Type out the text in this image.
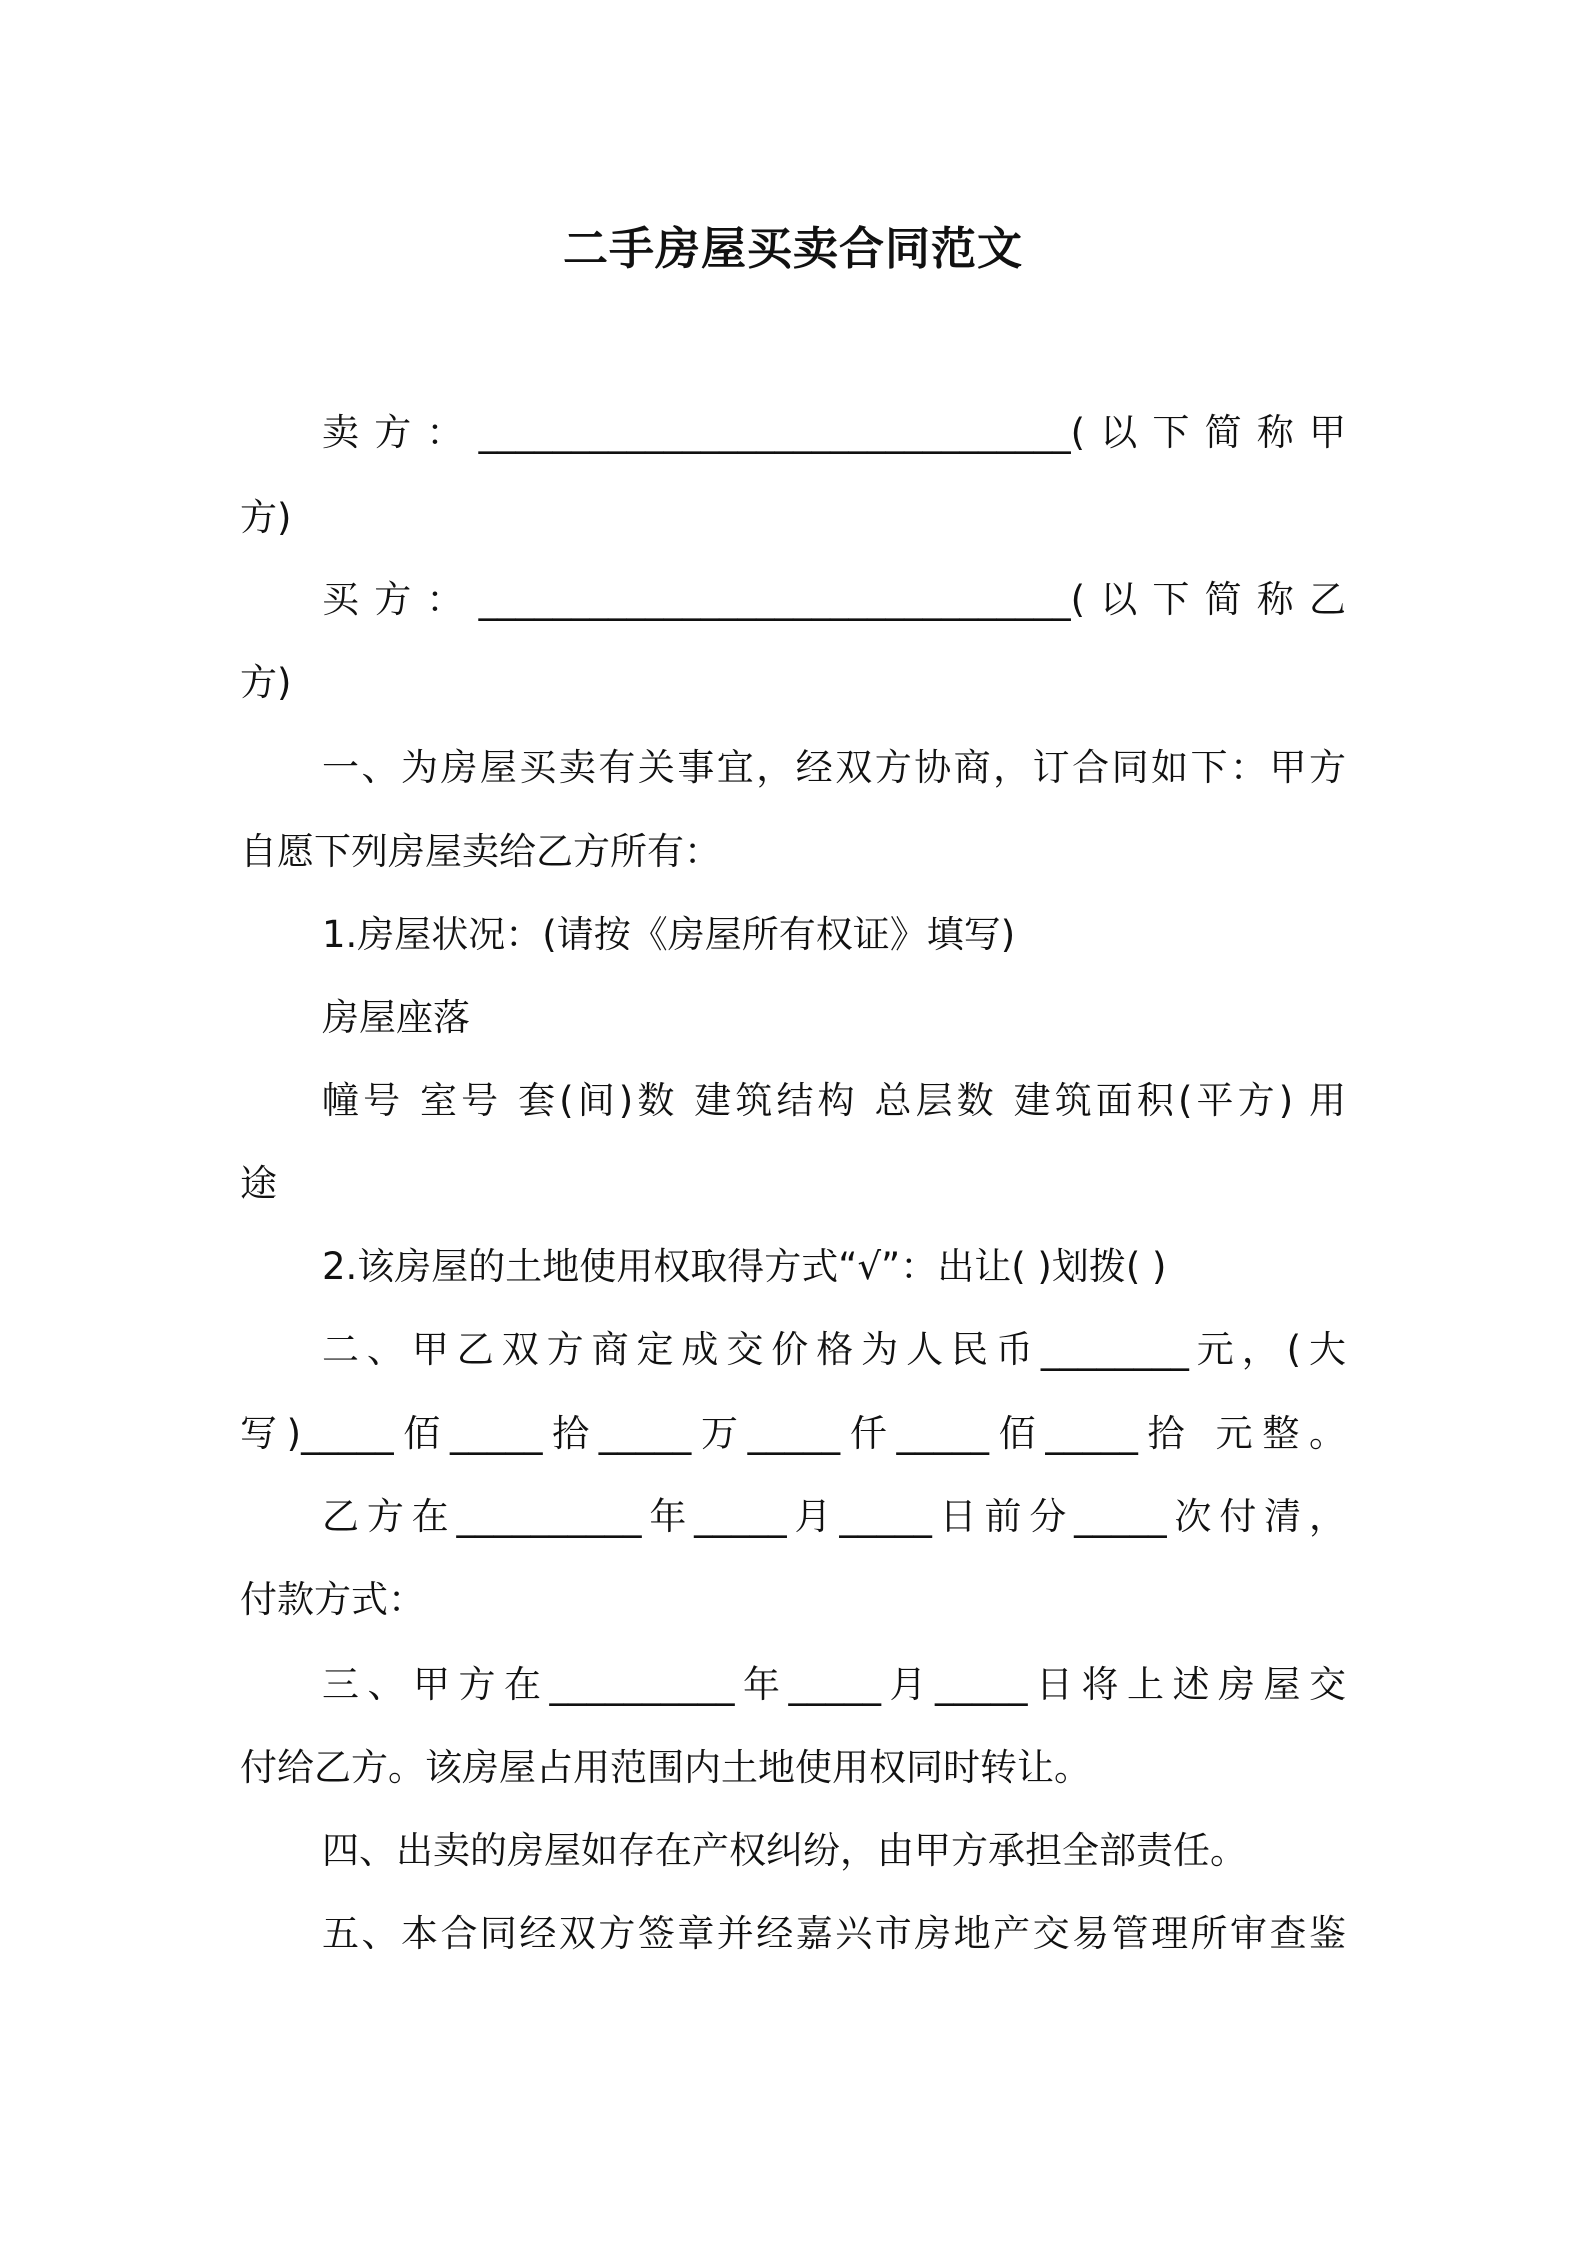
二手房屋买卖合同范文
卖方：________________________________(以下简称甲
方)
买方：________________________________(以下简称乙
方)
一、为房屋买卖有关事宜，经双方协商，订合同如下：甲方
自愿下列房屋卖给乙方所有：
1.房屋状况：(请按《房屋所有权证》填写)
房屋座落
幢号 室号 套(间)数 建筑结构 总层数 建筑面积(平方) 用
途
2.该房屋的土地使用权取得方式“√”：出让( )划拨( )
二、甲乙双方商定成交价格为人民币________元，(大
写)_____佰_____拾_____万_____仟_____佰_____拾 元整。
乙方在__________年_____月_____日前分_____次付清，
付款方式：
三、甲方在__________年_____月_____日将上述房屋交
付给乙方。该房屋占用范围内土地使用权同时转让。
四、出卖的房屋如存在产权纠纷，由甲方承担全部责任。
五、本合同经双方签章并经嘉兴市房地产交易管理所审查鉴
